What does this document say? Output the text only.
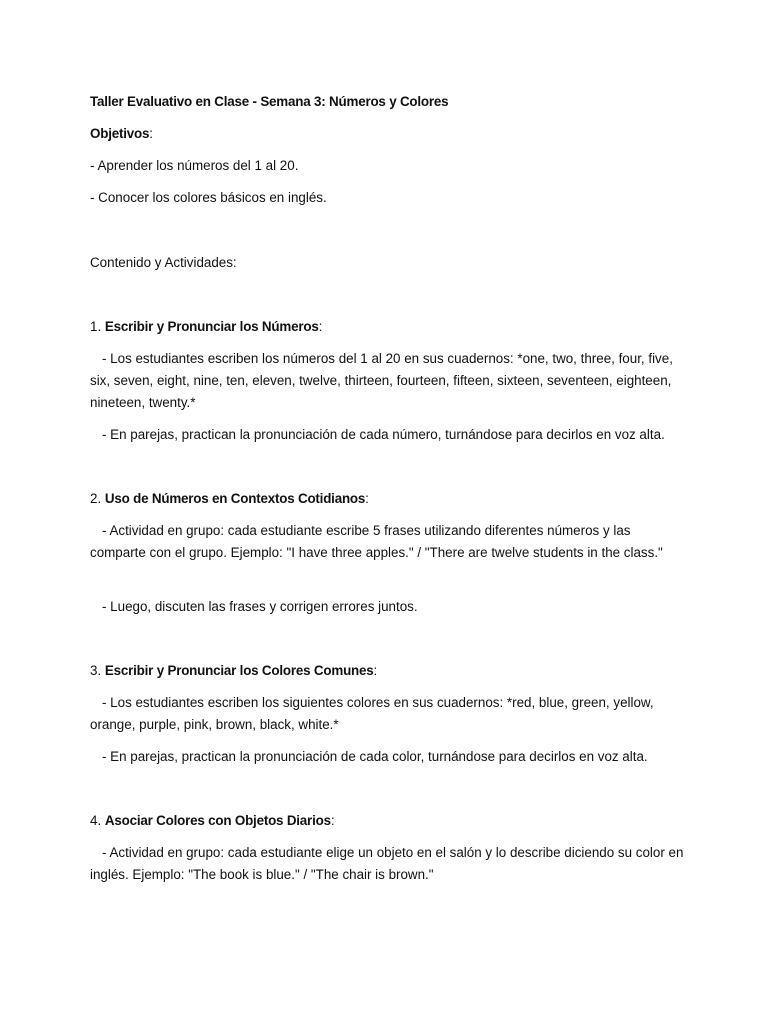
Taller Evaluativo en Clase - Semana 3: Números y Colores

Objetivos:

- Aprender los números del 1 al 20.

- Conocer los colores básicos en inglés.

Contenido y Actividades:

1. Escribir y Pronunciar los Números:

- Los estudiantes escriben los números del 1 al 20 en sus cuadernos: *one, two, three, four, five, six, seven, eight, nine, ten, eleven, twelve, thirteen, fourteen, fifteen, sixteen, seventeen, eighteen, nineteen, twenty.*

- En parejas, practican la pronunciación de cada número, turnándose para decirlos en voz alta.

2. Uso de Números en Contextos Cotidianos:

- Actividad en grupo: cada estudiante escribe 5 frases utilizando diferentes números y las comparte con el grupo. Ejemplo: "I have three apples." / "There are twelve students in the class."

- Luego, discuten las frases y corrigen errores juntos.

3. Escribir y Pronunciar los Colores Comunes:

- Los estudiantes escriben los siguientes colores en sus cuadernos: *red, blue, green, yellow, orange, purple, pink, brown, black, white.*

- En parejas, practican la pronunciación de cada color, turnándose para decirlos en voz alta.

4. Asociar Colores con Objetos Diarios:

- Actividad en grupo: cada estudiante elige un objeto en el salón y lo describe diciendo su color en inglés. Ejemplo: "The book is blue." / "The chair is brown."
